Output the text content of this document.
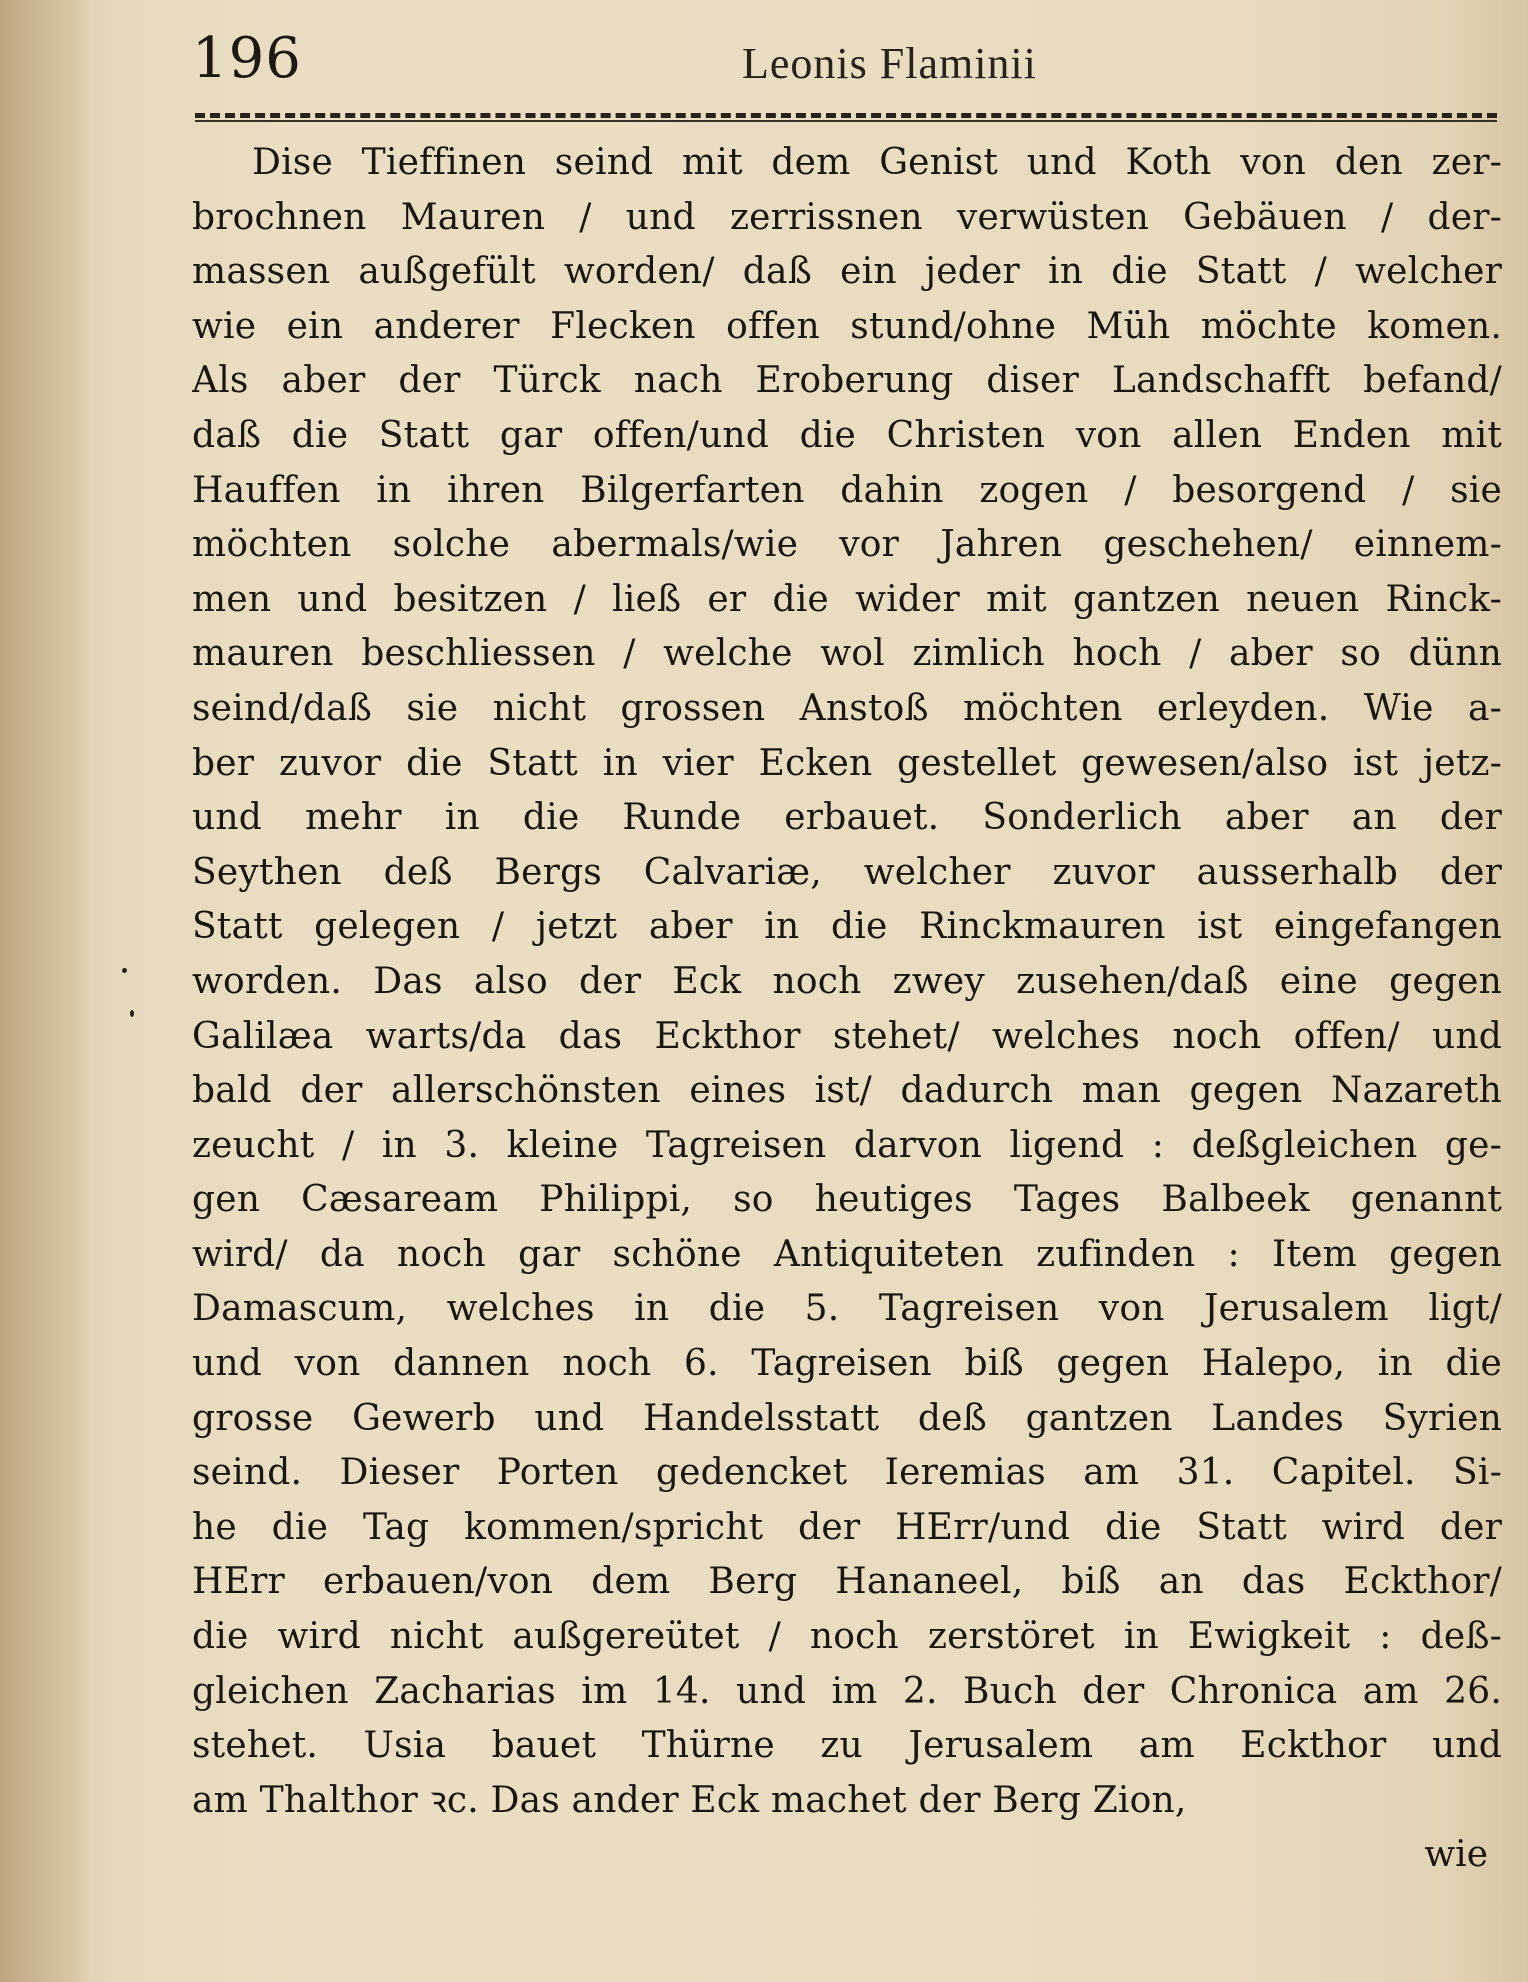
196	Leonis Flaminii
Dise Tieffinen seind mit dem Genist und Koth von den zer-
brochnen Mauren / und zerrissnen verwüsten Gebäuen / der-
massen außgefült worden/ daß ein jeder in die Statt / welcher
wie ein anderer Flecken offen stund/ohne Müh möchte komen.
Als aber der Türck nach Eroberung diser Landschafft befand/
daß die Statt gar offen/und die Christen von allen Enden mit
Hauffen in ihren Bilgerfarten dahin zogen / besorgend / sie
möchten solche abermals/wie vor Jahren geschehen/ einnem-
men und besitzen / ließ er die wider mit gantzen neuen Rinck-
mauren beschliessen / welche wol zimlich hoch / aber so dünn
seind/daß sie nicht grossen Anstoß möchten erleyden. Wie a-
ber zuvor die Statt in vier Ecken gestellet gewesen/also ist jetz-
und mehr in die Runde erbauet. Sonderlich aber an der
Seythen deß Bergs Calvariæ, welcher zuvor ausserhalb der
Statt gelegen / jetzt aber in die Rinckmauren ist eingefangen
worden. Das also der Eck noch zwey zusehen/daß eine gegen
Galilæa warts/da das Eckthor stehet/ welches noch offen/ und
bald der allerschönsten eines ist/ dadurch man gegen Nazareth
zeucht / in 3. kleine Tagreisen darvon ligend : deßgleichen ge-
gen Cæsaream Philippi, so heutiges Tages Balbeek genannt
wird/ da noch gar schöne Antiquiteten zufinden : Item gegen
Damascum, welches in die 5. Tagreisen von Jerusalem ligt/
und von dannen noch 6. Tagreisen biß gegen Halepo, in die
grosse Gewerb und Handelsstatt deß gantzen Landes Syrien
seind. Dieser Porten gedencket Ieremias am 31. Capitel. Si-
he die Tag kommen/spricht der HErr/und die Statt wird der
HErr erbauen/von dem Berg Hananeel, biß an das Eckthor/
die wird nicht außgereütet / noch zerstöret in Ewigkeit : deß-
gleichen Zacharias im 14. und im 2. Buch der Chronica am 26.
stehet. Usia bauet Thürne zu Jerusalem am Eckthor und
am Thalthor ꝛc. Das ander Eck machet der Berg Zion,
wie
